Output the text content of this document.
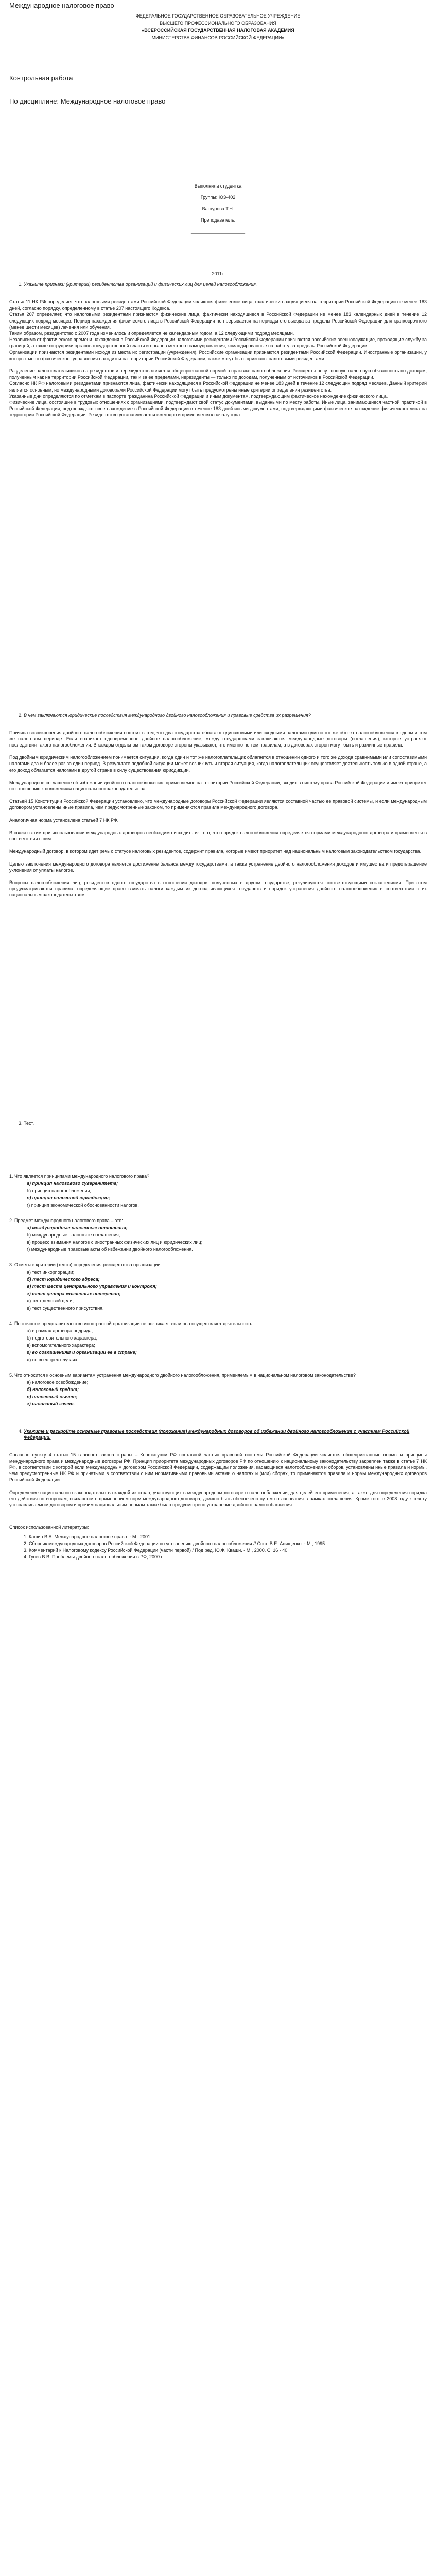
Международное налоговое право
ФЕДЕРАЛЬНОЕ ГОСУДАРСТВЕННОЕ ОБРАЗОВАТЕЛЬНОЕ УЧРЕЖДЕНИЕ
ВЫСШЕГО ПРОФЕССИОНАЛЬНОГО ОБРАЗОВАНИЯ
«ВСЕРОССИЙСКАЯ ГОСУДАРСТВЕННАЯ НАЛОГОВАЯ АКАДЕМИЯ
МИНИСТЕРСТВА ФИНАНСОВ РОССИЙСКОЙ ФЕДЕРАЦИИ»
Контрольная работа
По дисциплине: Международное налоговое право
Выполнила студентка
Группы: ЮЗ-402
Вагнурова Т.Н.
Преподаватель:
_____________________
2011г.
1. Укажите признаки (критерии) резидентства организаций и физических лиц для целей налогообложения.

Статья 11 НК РФ определяет, что налоговыми резидентами Российской Федерации являются физические лица, фактически находящиеся на территории Российской Федерации не менее 183 дней, согласно порядку, определенному в статье 207 настоящего Кодекса.

Статья 207 определяет, что налоговыми резидентами признаются физические лица, фактически находящиеся в Российской Федерации не менее 183 календарных дней в течение 12 следующих подряд месяцев. Период нахождения физического лица в Российской Федерации не прерывается на периоды его выезда за пределы Российской Федерации для краткосрочного (менее шести месяцев) лечения или обучения.

Таким образом, резидентство с 2007 года изменилось и определяется не календарным годом, а 12 следующими подряд месяцами.

Независимо от фактического времени нахождения в Российской Федерации налоговыми резидентами Российской Федерации признаются российские военнослужащие, проходящие службу за границей, а также сотрудники органов государственной власти и органов местного самоуправления, командированные на работу за пределы Российской Федерации.

Организации признаются резидентами исходя из места их регистрации (учреждения). Российские организации признаются резидентами Российской Федерации. Иностранные организации, у которых место фактического управления находится на территории Российской Федерации, также могут быть признаны налоговыми резидентами.

Разделение налогоплательщиков на резидентов и нерезидентов является общепризнанной нормой в практике налогообложения. Резиденты несут полную налоговую обязанность по доходам, полученным как на территории Российской Федерации, так и за ее пределами, нерезиденты — только по доходам, полученным от источников в Российской Федерации.

Согласно НК РФ налоговыми резидентами признаются лица, фактически находящиеся в Российской Федерации не менее 183 дней в течение 12 следующих подряд месяцев. Данный критерий является основным, но международными договорами Российской Федерации могут быть предусмотрены иные критерии определения резидентства.

Указанные дни определяются по отметкам в паспорте гражданина Российской Федерации и иным документам, подтверждающим фактическое нахождение физического лица.

Физические лица, состоящие в трудовых отношениях с организациями, подтверждают свой статус документами, выданными по месту работы. Иные лица, занимающиеся частной практикой в Российской Федерации, подтверждают свое нахождение в Российской Федерации в течение 183 дней иными документами, подтверждающими фактическое нахождение физического лица на территории Российской Федерации. Резидентство устанавливается ежегодно и применяется к началу года.

2. В чем заключаются юридические последствия международного двойного налогообложения и правовые средства их разрешения?

Причина возникновения двойного налогообложения состоит в том, что два государства облагают одинаковыми или сходными налогами один и тот же объект налогообложения в одном и том же налоговом периоде. Если возникает одновременное двойное налогообложение, между государствами заключаются международные договоры (соглашения), которые устраняют последствия такого налогообложения. В каждом отдельном таком договоре стороны указывают, что именно по тем правилам, а в договорах сторон могут быть и различные правила.

Под двойным юридическим налогообложением понимается ситуация, когда один и тот же налогоплательщик облагается в отношении одного и того же дохода сравнимыми или сопоставимыми налогами два и более раз за один период. В результате подобной ситуации может возникнуть и вторая ситуация, когда налогоплательщик осуществляет деятельность только в одной стране, а его доход облагается налогами в другой стране в силу существования юрисдикции.

Международное соглашение об избежании двойного налогообложения, применяемое на территории Российской Федерации, входит в систему права Российской Федерации и имеет приоритет по отношению к положениям национального законодательства.

Статьей 15 Конституции Российской Федерации установлено, что международные договоры Российской Федерации являются составной частью ее правовой системы, и если международным договором установлены иные правила, чем предусмотренные законом, то применяются правила международного договора.

Аналогичная норма установлена статьей 7 НК РФ.

В связи с этим при использовании международных договоров необходимо исходить из того, что порядок налогообложения определяется нормами международного договора и применяется в соответствии с ним.

Международный договор, в котором идет речь о статусе налоговых резидентов, содержит правила, которые имеют приоритет над национальным налоговым законодательством государства.

Целью заключения международного договора является достижение баланса между государствами, а также устранение двойного налогообложения доходов и имущества и предотвращение уклонения от уплаты налогов.

Вопросы налогообложения лиц, резидентов одного государства в отношении доходов, полученных в другом государстве, регулируются соответствующими соглашениями. При этом предусматриваются правила, определяющие право взимать налоги каждым из договаривающихся государств и порядок устранения двойного налогообложения в соответствии с их национальным законодательством.

3. Тест.

1. Что является принципами международного налогового права?

а) принцип налогового суверенитета;

б) принцип налогообложения;

в) принцип налоговой юрисдикции;

г) принцип экономической обоснованности налогов.

2. Предмет международного налогового права – это:

а) международные налоговые отношения;

б) международные налоговые соглашения;

в) процесс взимания налогов с иностранных физических лиц и юридических лиц;

г) международные правовые акты об избежании двойного налогообложения.

3. Отметьте критерии (тесты) определения резидентства организации:

а) тест инкорпорации;

б) тест юридического адреса;

в) тест места центрального управления и контроля;

г) тест центра жизненных интересов;

д) тест деловой цели;

е) тест существенного присутствия.

4. Постоянное представительство иностранной организации не возникает, если она осуществляет деятельность:

а) в рамках договора подряда;

б) подготовительного характера;

в) вспомогательного характера;

г) во соглашениям и организации ее в стране;

д) во всех трех случаях.

5. Что относится к основным вариантам устранения международного двойного налогообложения, применяемым в национальном налоговом законодательстве?

а) налоговое освобождение;

б) налоговый кредит;

в) налоговый вычет;

г) налоговый зачет.

4. Укажите и раскройте основные правовые последствия (положения) международных договоров об избежании двойного налогообложения с участием Российской Федерации.

Согласно пункту 4 статьи 15 главного закона страны – Конституции РФ составной частью правовой системы Российской Федерации являются общепризнанные нормы и принципы международного права и международные договоры РФ. Принцип приоритета международных договоров РФ по отношению к национальному законодательству закреплен также в статье 7 НК РФ, в соответствии с которой если международным договором Российской Федерации, содержащим положения, касающиеся налогообложения и сборов, установлены иные правила и нормы, чем предусмотренные НК РФ и принятыми в соответствии с ним нормативными правовыми актами о налогах и (или) сборах, то применяются правила и нормы международных договоров Российской Федерации.

Определение национального законодательства каждой из стран, участвующих в международном договоре о налогообложении, для целей его применения, а также для определения порядка его действия по вопросам, связанным с применением норм международного договора, должно быть обеспечено путем согласования в рамках соглашения. Кроме того, в 2008 году к тексту устанавливаемым договором и прочим национальным нормам также было предусмотрено устранение двойного налогообложения.

Список использованной литературы:
1. Кашин В.А. Международное налоговое право. - М., 2001.
2. Сборник международных договоров Российской Федерации по устранению двойного налогообложения // Сост. В.Е. Анищенко. - М., 1995.
3. Комментарий к Налоговому кодексу Российской Федерации (части первой) / Под ред. Ю.Ф. Кваши. - М., 2000. С. 16 - 40.
4. Гусев В.В. Проблемы двойного налогообложения в РФ, 2000 г.
